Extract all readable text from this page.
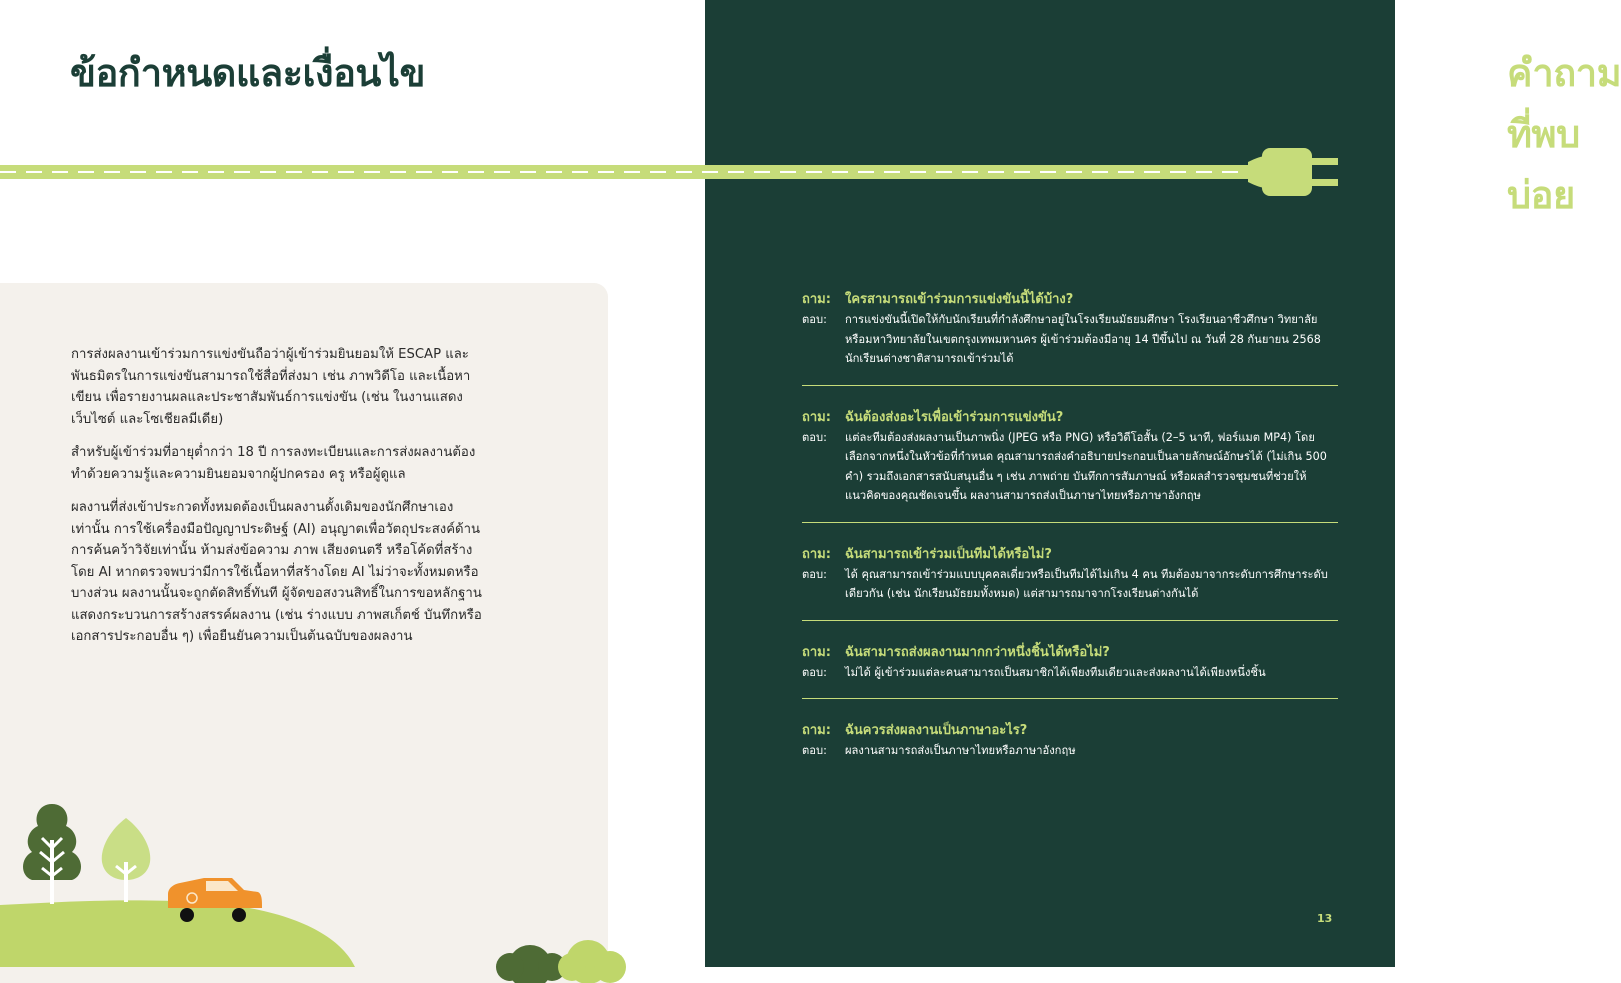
ข้อกำหนดและเงื่อนไข

การส่งผลงานเข้าร่วมการแข่งขันถือว่าผู้เข้าร่วมยินยอมให้ ESCAP และพันธมิตรในการแข่งขันสามารถใช้สื่อที่ส่งมา เช่น ภาพวิดีโอ และเนื้อหาเขียน เพื่อรายงานผลและประชาสัมพันธ์การแข่งขัน (เช่น ในงานแสดง เว็บไซต์ และโซเชียลมีเดีย)

สำหรับผู้เข้าร่วมที่อายุต่ำกว่า 18 ปี การลงทะเบียนและการส่งผลงานต้องทำด้วยความรู้และความยินยอมจากผู้ปกครอง ครู หรือผู้ดูแล

ผลงานที่ส่งเข้าประกวดทั้งหมดต้องเป็นผลงานดั้งเดิมของนักศึกษาเองเท่านั้น การใช้เครื่องมือปัญญาประดิษฐ์ (AI) อนุญาตเพื่อวัตถุประสงค์ด้านการค้นคว้าวิจัยเท่านั้น ห้ามส่งข้อความ ภาพ เสียงดนตรี หรือโค้ดที่สร้างโดย AI หากตรวจพบว่ามีการใช้เนื้อหาที่สร้างโดย AI ไม่ว่าจะทั้งหมดหรือบางส่วน ผลงานนั้นจะถูกตัดสิทธิ์ทันที ผู้จัดขอสงวนสิทธิ์ในการขอหลักฐานแสดงกระบวนการสร้างสรรค์ผลงาน (เช่น ร่างแบบ ภาพสเก็ตช์ บันทึกหรือเอกสารประกอบอื่น ๆ) เพื่อยืนยันความเป็นต้นฉบับของผลงาน

คำถามที่พบบ่อย
ถาม:	ใครสามารถเข้าร่วมการแข่งขันนี้ได้บ้าง?
ตอบ:	การแข่งขันนี้เปิดให้กับนักเรียนที่กำลังศึกษาอยู่ในโรงเรียนมัธยมศึกษา โรงเรียนอาชีวศึกษา วิทยาลัย หรือมหาวิทยาลัยในเขตกรุงเทพมหานคร ผู้เข้าร่วมต้องมีอายุ 14 ปีขึ้นไป ณ วันที่ 28 กันยายน 2568 นักเรียนต่างชาติสามารถเข้าร่วมได้
ถาม:	ฉันต้องส่งอะไรเพื่อเข้าร่วมการแข่งขัน?
ตอบ:	แต่ละทีมต้องส่งผลงานเป็นภาพนิ่ง (JPEG หรือ PNG) หรือวิดีโอสั้น (2–5 นาที, ฟอร์แมต MP4) โดยเลือกจากหนึ่งในหัวข้อที่กำหนด คุณสามารถส่งคำอธิบายประกอบเป็นลายลักษณ์อักษรได้ (ไม่เกิน 500 คำ) รวมถึงเอกสารสนับสนุนอื่น ๆ เช่น ภาพถ่าย บันทึกการสัมภาษณ์ หรือผลสำรวจชุมชนที่ช่วยให้แนวคิดของคุณชัดเจนขึ้น ผลงานสามารถส่งเป็นภาษาไทยหรือภาษาอังกฤษ
ถาม:	ฉันสามารถเข้าร่วมเป็นทีมได้หรือไม่?
ตอบ:	ได้ คุณสามารถเข้าร่วมแบบบุคคลเดี่ยวหรือเป็นทีมได้ไม่เกิน 4 คน ทีมต้องมาจากระดับการศึกษาระดับเดียวกัน (เช่น นักเรียนมัธยมทั้งหมด) แต่สามารถมาจากโรงเรียนต่างกันได้
ถาม:	ฉันสามารถส่งผลงานมากกว่าหนึ่งชิ้นได้หรือไม่?
ตอบ:	ไม่ได้ ผู้เข้าร่วมแต่ละคนสามารถเป็นสมาชิกได้เพียงทีมเดียวและส่งผลงานได้เพียงหนึ่งชิ้น
ถาม:	ฉันควรส่งผลงานเป็นภาษาอะไร?
ตอบ:	ผลงานสามารถส่งเป็นภาษาไทยหรือภาษาอังกฤษ
13
